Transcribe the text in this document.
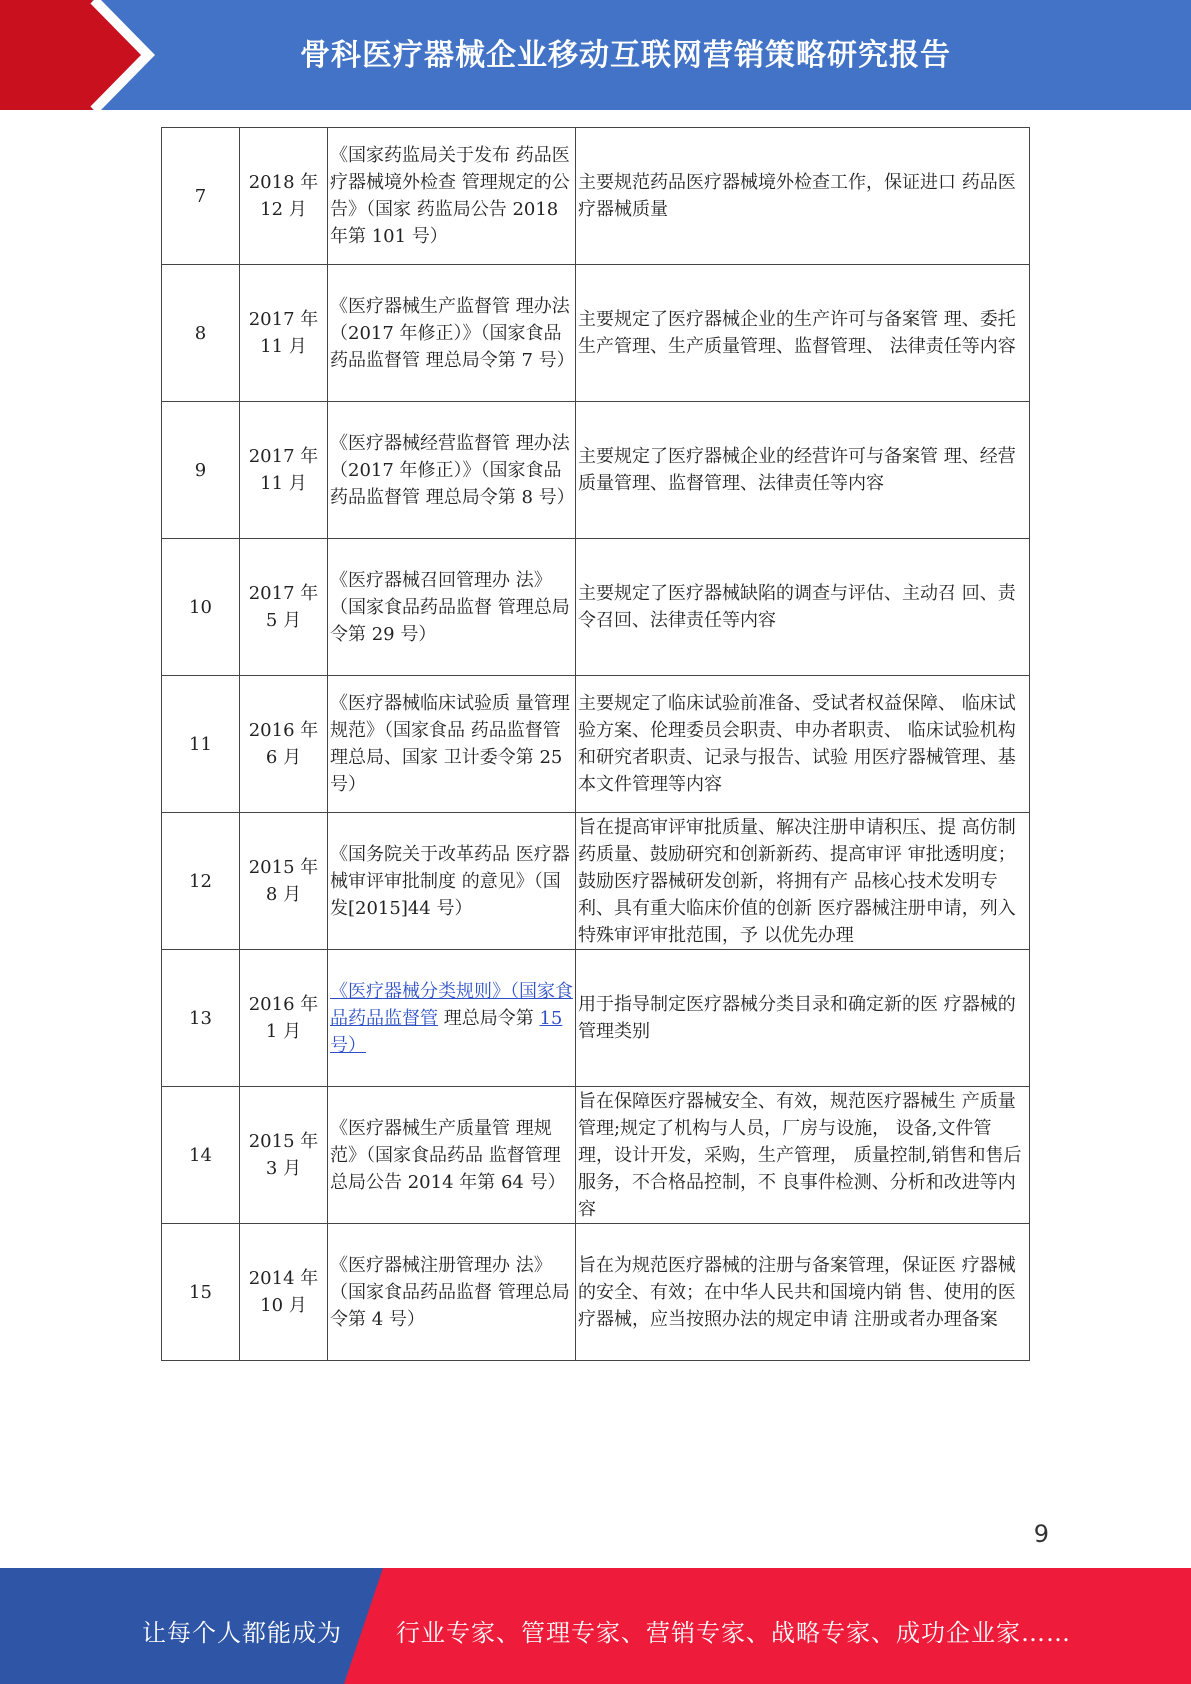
骨科医疗器械企业移动互联网营销策略研究报告
7	2018 年 12 月	《国家药监局关于发布 药品医疗器械境外检查 管理规定的公告》（国家 药监局公告 2018 年第 101 号）	主要规范药品医疗器械境外检查工作，保证进口 药品医疗器械质量
8	2017 年 11 月	《医疗器械生产监督管 理办法（2017 年修正）》（国家食品药品监督管 理总局令第 7 号）	主要规定了医疗器械企业的生产许可与备案管 理、委托生产管理、生产质量管理、监督管理、 法律责任等内容
9	2017 年 11 月	《医疗器械经营监督管 理办法（2017 年修正）》（国家食品药品监督管 理总局令第 8 号）	主要规定了医疗器械企业的经营许可与备案管 理、经营质量管理、监督管理、法律责任等内容
10	2017 年 5 月	《医疗器械召回管理办 法》（国家食品药品监督 管理总局令第 29 号）	主要规定了医疗器械缺陷的调查与评估、主动召 回、责令召回、法律责任等内容
11	2016 年 6 月	《医疗器械临床试验质 量管理规范》（国家食品 药品监督管理总局、国家 卫计委令第 25 号）	主要规定了临床试验前准备、受试者权益保障、 临床试验方案、伦理委员会职责、申办者职责、 临床试验机构和研究者职责、记录与报告、试验 用医疗器械管理、基本文件管理等内容
12	2015 年 8 月	《国务院关于改革药品 医疗器械审评审批制度 的意见》（国发[2015]44 号）	旨在提高审评审批质量、解决注册申请积压、提 高仿制药质量、鼓励研究和创新新药、提高审评 审批透明度；鼓励医疗器械研发创新，将拥有产 品核心技术发明专利、具有重大临床价值的创新 医疗器械注册申请，列入特殊审评审批范围，予 以优先办理
13	2016 年 1 月	《医疗器械分类规则》（国家食品药品监督管 理总局令第 15 号）	用于指导制定医疗器械分类目录和确定新的医 疗器械的管理类别
14	2015 年 3 月	《医疗器械生产质量管 理规范》（国家食品药品 监督管理总局公告 2014 年第 64 号）	旨在保障医疗器械安全、有效，规范医疗器械生 产质量管理;规定了机构与人员，厂房与设施， 设备,文件管理，设计开发，采购，生产管理， 质量控制,销售和售后服务，不合格品控制，不 良事件检测、分析和改进等内容
15	2014 年 10 月	《医疗器械注册管理办 法》（国家食品药品监督 管理总局令第 4 号）	旨在为规范医疗器械的注册与备案管理，保证医 疗器械的安全、有效；在中华人民共和国境内销 售、使用的医疗器械，应当按照办法的规定申请 注册或者办理备案
9
让每个人都能成为 行业专家、管理专家、营销专家、战略专家、成功企业家……
